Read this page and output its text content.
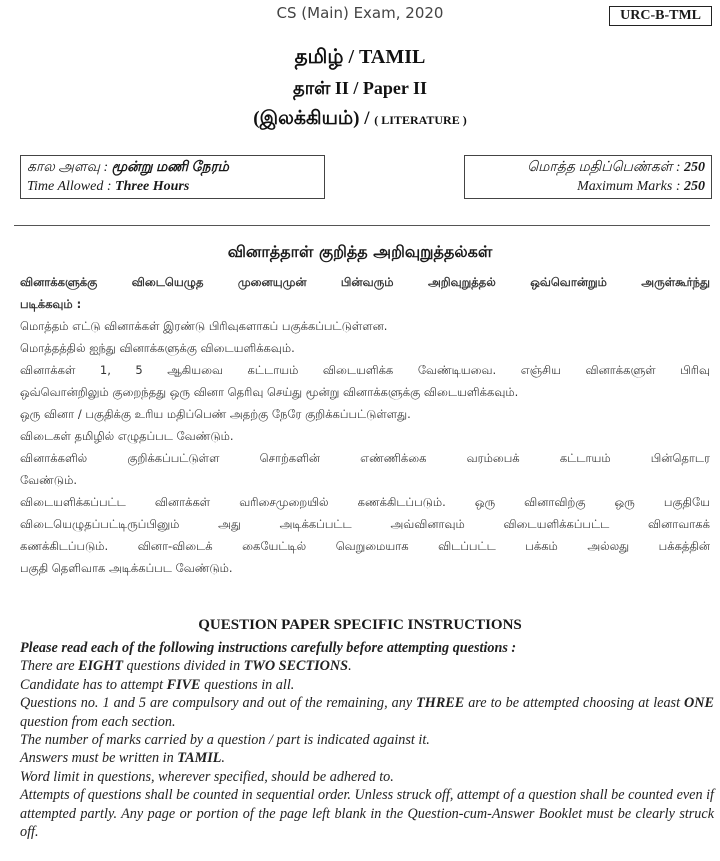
CS (Main) Exam, 2020	URC-B-TML
தமிழ் / TAMIL
தாள் II / Paper II
(இலக்கியம்) / ( LITERATURE )
கால அளவு : மூன்று மணி நேரம்
Time Allowed : Three Hours
மொத்த மதிப்பெண்கள் : 250
Maximum Marks : 250
வினாத்தாள் குறித்த அறிவுறுத்தல்கள்

வினாக்களுக்கு விடையெழுத முனையுமுன் பின்வரும் அறிவுறுத்தல் ஒவ்வொன்றும் அருள்கூர்ந்து

படிக்கவும் :

மொத்தம் எட்டு வினாக்கள் இரண்டு பிரிவுகளாகப் பகுக்கப்பட்டுள்ளன.

மொத்தத்தில் ஐந்து வினாக்களுக்கு விடையளிக்கவும்.

வினாக்கள் 1, 5 ஆகியவை கட்டாயம் விடையளிக்க வேண்டியவை. எஞ்சிய வினாக்களுள் பிரிவு

ஒவ்வொன்றிலும் குறைந்தது ஒரு வினா தெரிவு செய்து மூன்று வினாக்களுக்கு விடையளிக்கவும்.

ஒரு வினா / பகுதிக்கு உரிய மதிப்பெண் அதற்கு நேரே குறிக்கப்பட்டுள்ளது.

விடைகள் தமிழில் எழுதப்பட வேண்டும்.

வினாக்களில் குறிக்கப்பட்டுள்ள சொற்களின் எண்ணிக்கை வரம்பைக் கட்டாயம் பின்தொடர

வேண்டும்.

விடையளிக்கப்பட்ட வினாக்கள் வரிசைமுறையில் கணக்கிடப்படும். ஒரு வினாவிற்கு ஒரு பகுதியே

விடையெழுதப்பட்டிருப்பினும் அது அடிக்கப்பட்ட அவ்வினாவும் விடையளிக்கப்பட்ட வினாவாகக்

கணக்கிடப்படும். வினா-விடைக் கையேட்டில் வெறுமையாக விடப்பட்ட பக்கம் அல்லது பக்கத்தின்

பகுதி தெளிவாக அடிக்கப்பட வேண்டும்.

QUESTION PAPER SPECIFIC INSTRUCTIONS

Please read each of the following instructions carefully before attempting questions :

There are EIGHT questions divided in TWO SECTIONS.

Candidate has to attempt FIVE questions in all.

Questions no. 1 and 5 are compulsory and out of the remaining, any THREE are to be attempted choosing at least ONE question from each section.

The number of marks carried by a question / part is indicated against it.

Answers must be written in TAMIL.

Word limit in questions, wherever specified, should be adhered to.

Attempts of questions shall be counted in sequential order. Unless struck off, attempt of a question shall be counted even if attempted partly. Any page or portion of the page left blank in the Question-cum-Answer Booklet must be clearly struck off.
